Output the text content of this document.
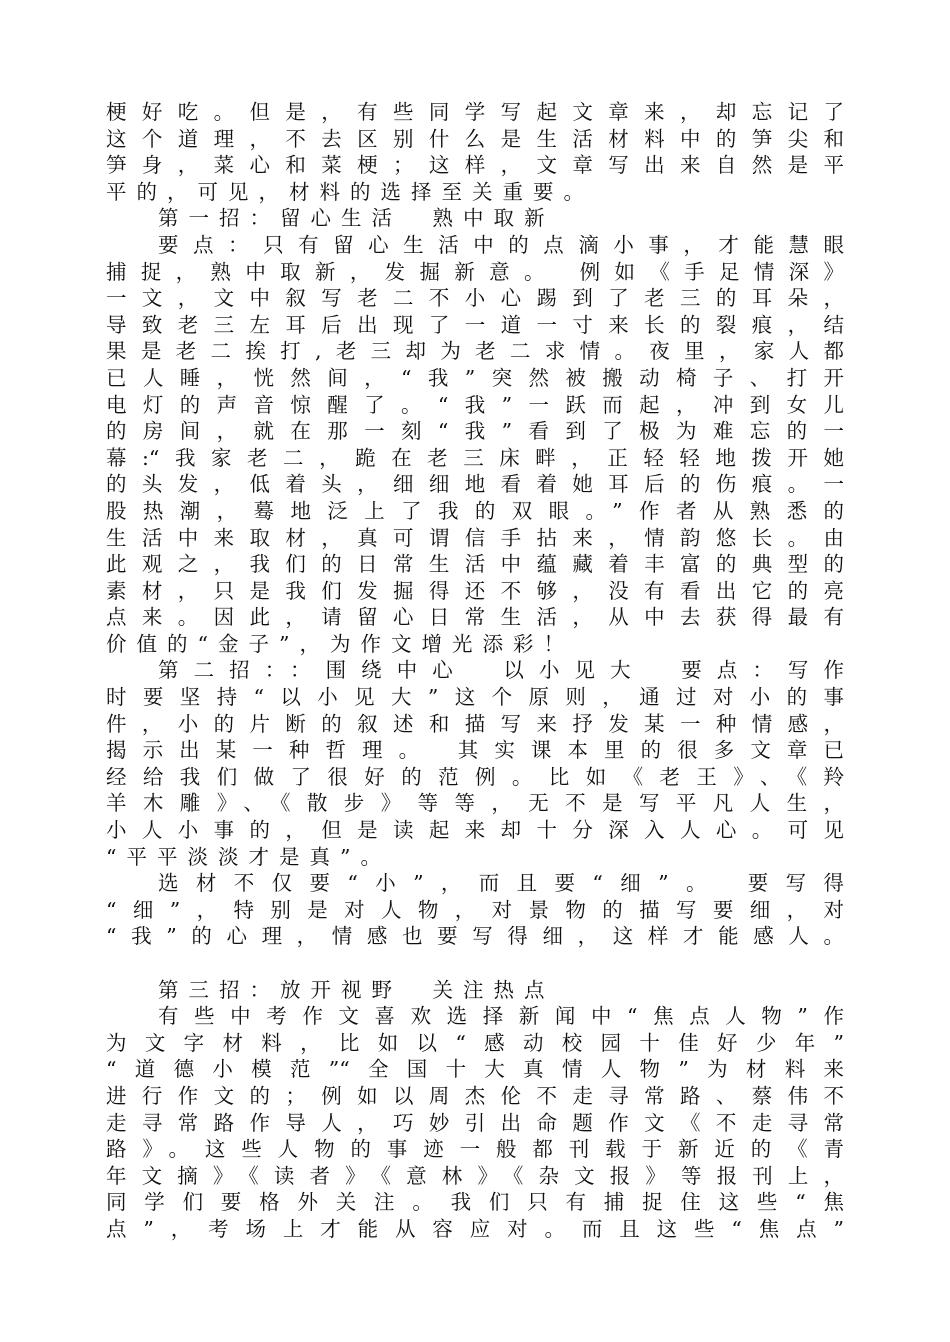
梗好吃。但是，有些同学写起文章来，却忘记了
这个道理，不去区别什么是生活材料中的笋尖和
笋身，菜心和菜梗；这样，文章写出来自然是平
平的，可见，材料的选择至关重要。
第一招：留心生活　熟中取新
要点：只有留心生活中的点滴小事，才能慧眼
捕捉，熟中取新，发掘新意。 例如《手足情深》
一文，文中叙写老二不小心踢到了老三的耳朵，
导致老三左耳后出现了一道一寸来长的裂痕，结
果是老二挨打,老三却为老二求情。夜里，家人都
已人睡，恍然间，“我”突然被搬动椅子、打开
电灯的声音惊醒了。“我”一跃而起，冲到女儿
的房间，就在那一刻“我”看到了极为难忘的一
幕:“我家老二，跪在老三床畔，正轻轻地拨开她
的头发，低着头，细细地看着她耳后的伤痕。一
股热潮，蓦地泛上了我的双眼。”作者从熟悉的
生活中来取材，真可谓信手拈来，情韵悠长。由
此观之，我们的日常生活中蕴藏着丰富的典型的
素材，只是我们发掘得还不够，没有看出它的亮
点来。因此，请留心日常生活，从中去获得最有
价值的“金子”，为作文增光添彩！
第二招：：围绕中心　以小见大　要点：写作
时要坚持“以小见大”这个原则，通过对小的事
件，小的片断的叙述和描写来抒发某一种情感，
揭示出某一种哲理。 其实课本里的很多文章已
经给我们做了很好的范例。比如《老王》、《羚
羊木雕》、《散步》等等，无不是写平凡人生，
小人小事的，但是读起来却十分深入人心。可见
“平平淡淡才是真”。
选材不仅要“小”，而且要“细”。 要写得
“细”，特别是对人物，对景物的描写要细，对
“我”的心理，情感也要写得细，这样才能感人。
第三招：放开视野　关注热点
有些中考作文喜欢选择新闻中“焦点人物”作
为文字材料，比如以“感动校园十佳好少年”
“道德小模范”“全国十大真情人物”为材料来
进行作文的；例如以周杰伦不走寻常路、蔡伟不
走寻常路作导人，巧妙引出命题作文《不走寻常
路》。这些人物的事迹一般都刊载于新近的《青
年文摘》《读者》《意林》《杂文报》等报刊上，
同学们要格外关注。我们只有捕捉住这些“焦
点”，考场上才能从容应对。而且这些“焦点”
